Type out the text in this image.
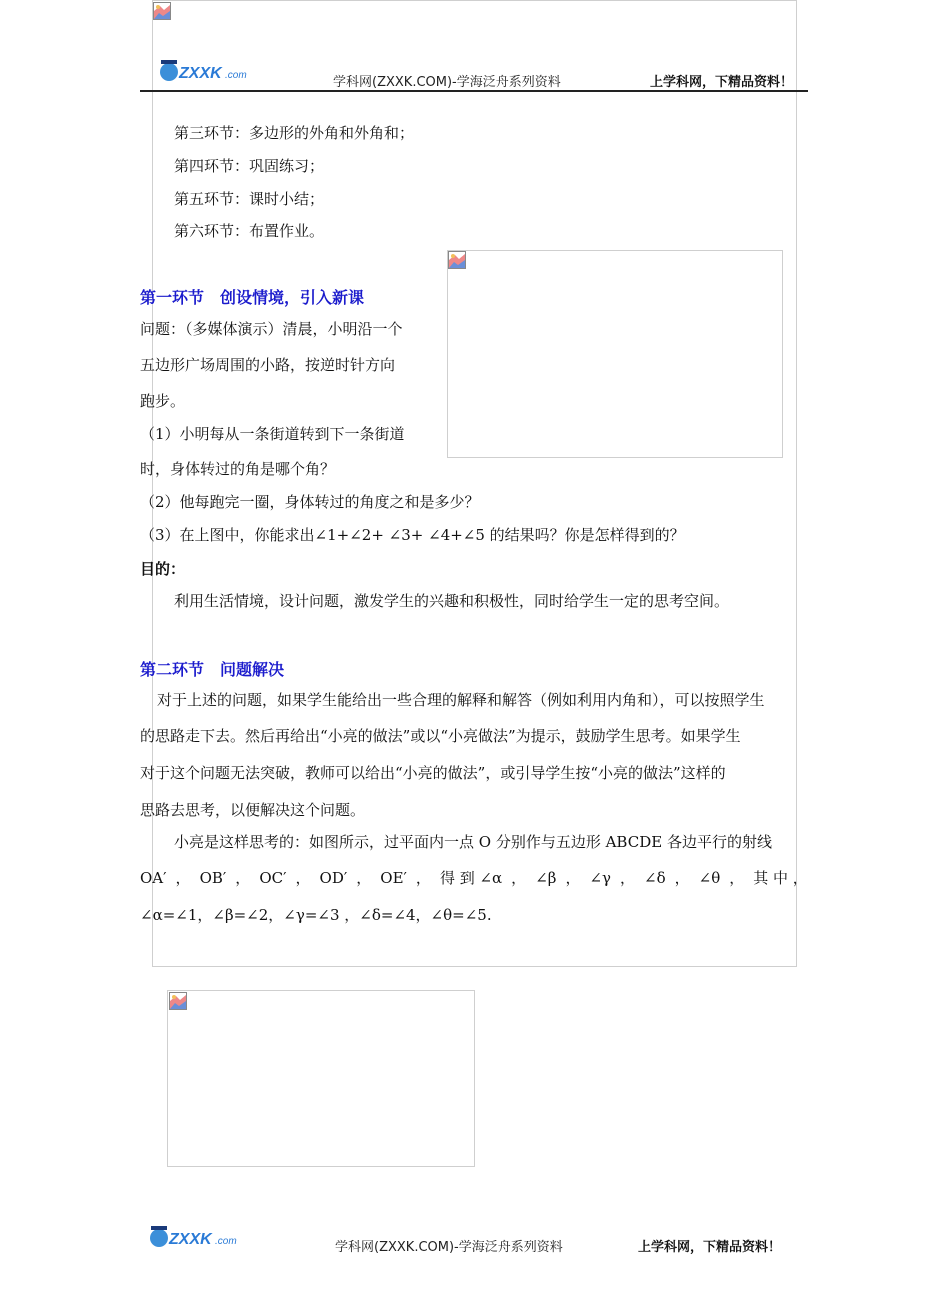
ZXXK .com	学科网(ZXXK.COM)-学海泛舟系列资料	上学科网，下精品资料！
第三环节：多边形的外角和外角和；
第四环节：巩固练习；
第五环节：课时小结；
第六环节：布置作业。
第一环节　创设情境，引入新课
问题：（多媒体演示）清晨，小明沿一个
五边形广场周围的小路，按逆时针方向
跑步。
（1）小明每从一条街道转到下一条街道
时，身体转过的角是哪个角？
（2）他每跑完一圈，身体转过的角度之和是多少？
（3）在上图中，你能求出∠1+∠2+ ∠3+ ∠4+∠5 的结果吗？你是怎样得到的？
目的：
利用生活情境，设计问题，激发学生的兴趣和积极性，同时给学生一定的思考空间。
第二环节　问题解决
对于上述的问题，如果学生能给出一些合理的解释和解答（例如利用内角和），可以按照学生
的思路走下去。然后再给出“小亮的做法”或以“小亮做法”为提示，鼓励学生思考。如果学生
对于这个问题无法突破，教师可以给出“小亮的做法”，或引导学生按“小亮的做法”这样的
思路去思考，以便解决这个问题。
小亮是这样思考的：如图所示，过平面内一点 O 分别作与五边形 ABCDE 各边平行的射线
OA′ ， OB′ ， OC′ ， OD′ ， OE′ ， 得 到 ∠α ， ∠β ， ∠γ ， ∠δ ， ∠θ ， 其 中 ，
∠α=∠1，∠β=∠2，∠γ=∠3 ，∠δ=∠4，∠θ=∠5.
ZXXK .com	学科网(ZXXK.COM)-学海泛舟系列资料	上学科网，下精品资料！
